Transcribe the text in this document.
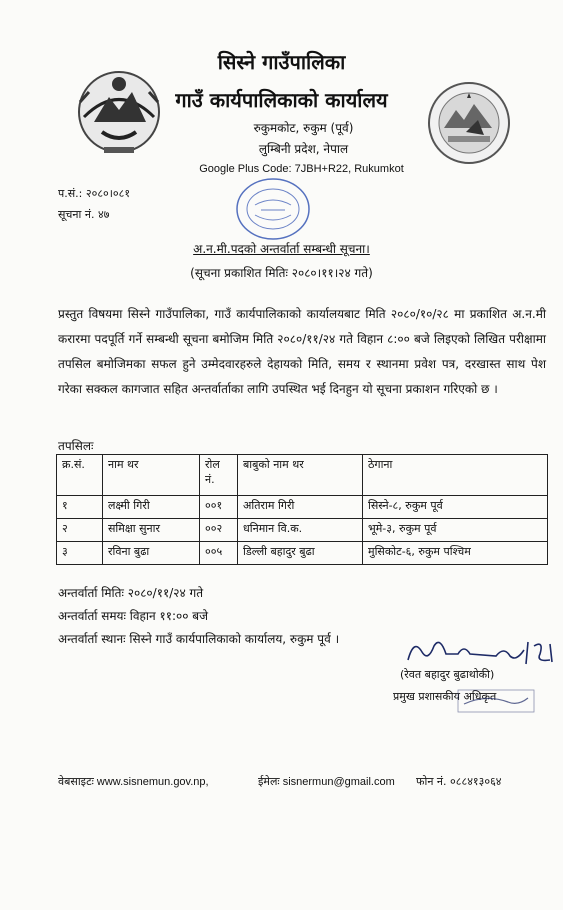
सिस्ने गाउँपालिका
गाउँ कार्यपालिकाको कार्यालय
रुकुमकोट, रुकुम (पूर्व)
लुम्बिनी प्रदेश, नेपाल
Google Plus Code: 7JBH+R22, Rukumkot
प.सं.: २०८०।०८१
सूचना नं. ४७
अ.न.मी.पदको अन्तर्वार्ता सम्बन्धी सूचना।
(सूचना प्रकाशित मितिः २०८०।११।२४ गते)
प्रस्तुत विषयमा सिस्ने गाउँपालिका, गाउँ कार्यपालिकाको कार्यालयबाट मिति २०८०/१०/२८ मा प्रकाशित अ.न.मी करारमा पदपूर्ति गर्ने सम्बन्धी सूचना बमोजिम मिति २०८०/११/२४ गते विहान ८:०० बजे लिइएको लिखित परीक्षामा तपसिल बमोजिमका सफल हुने उम्मेदवारहरुले देहायको मिति, समय र स्थानमा प्रवेश पत्र, दरखास्त साथ पेश गरेका सक्कल कागजात सहित अन्तर्वार्ताका लागि उपस्थित भई दिनहुन यो सूचना प्रकाशन गरिएको छ ।
तपसिलः
क्र.सं.	नाम थर	रोल नं.	बाबुको नाम थर	ठेगाना
१	लक्ष्मी गिरी	००१	अतिराम गिरी	सिस्ने-८, रुकुम पूर्व
२	समिक्षा सुनार	००२	धनिमान वि.क.	भूमे-३, रुकुम पूर्व
३	रविना बुढा	००५	डिल्ली बहादुर बुढा	मुसिकोट-६, रुकुम पश्चिम
अन्तर्वार्ता मितिः २०८०/११/२४ गते
अन्तर्वार्ता समयः विहान ११:०० बजे
अन्तर्वार्ता स्थानः सिस्ने गाउँ कार्यपालिकाको कार्यालय, रुकुम पूर्व ।
(रेवत बहादुर बुढाथोकी)
प्रमुख प्रशासकीय अधिकृत
वेबसाइटः www.sisnemun.gov.np,	ईमेलः sisnermun@gmail.com फोन नं. ०८८४१३०६४
